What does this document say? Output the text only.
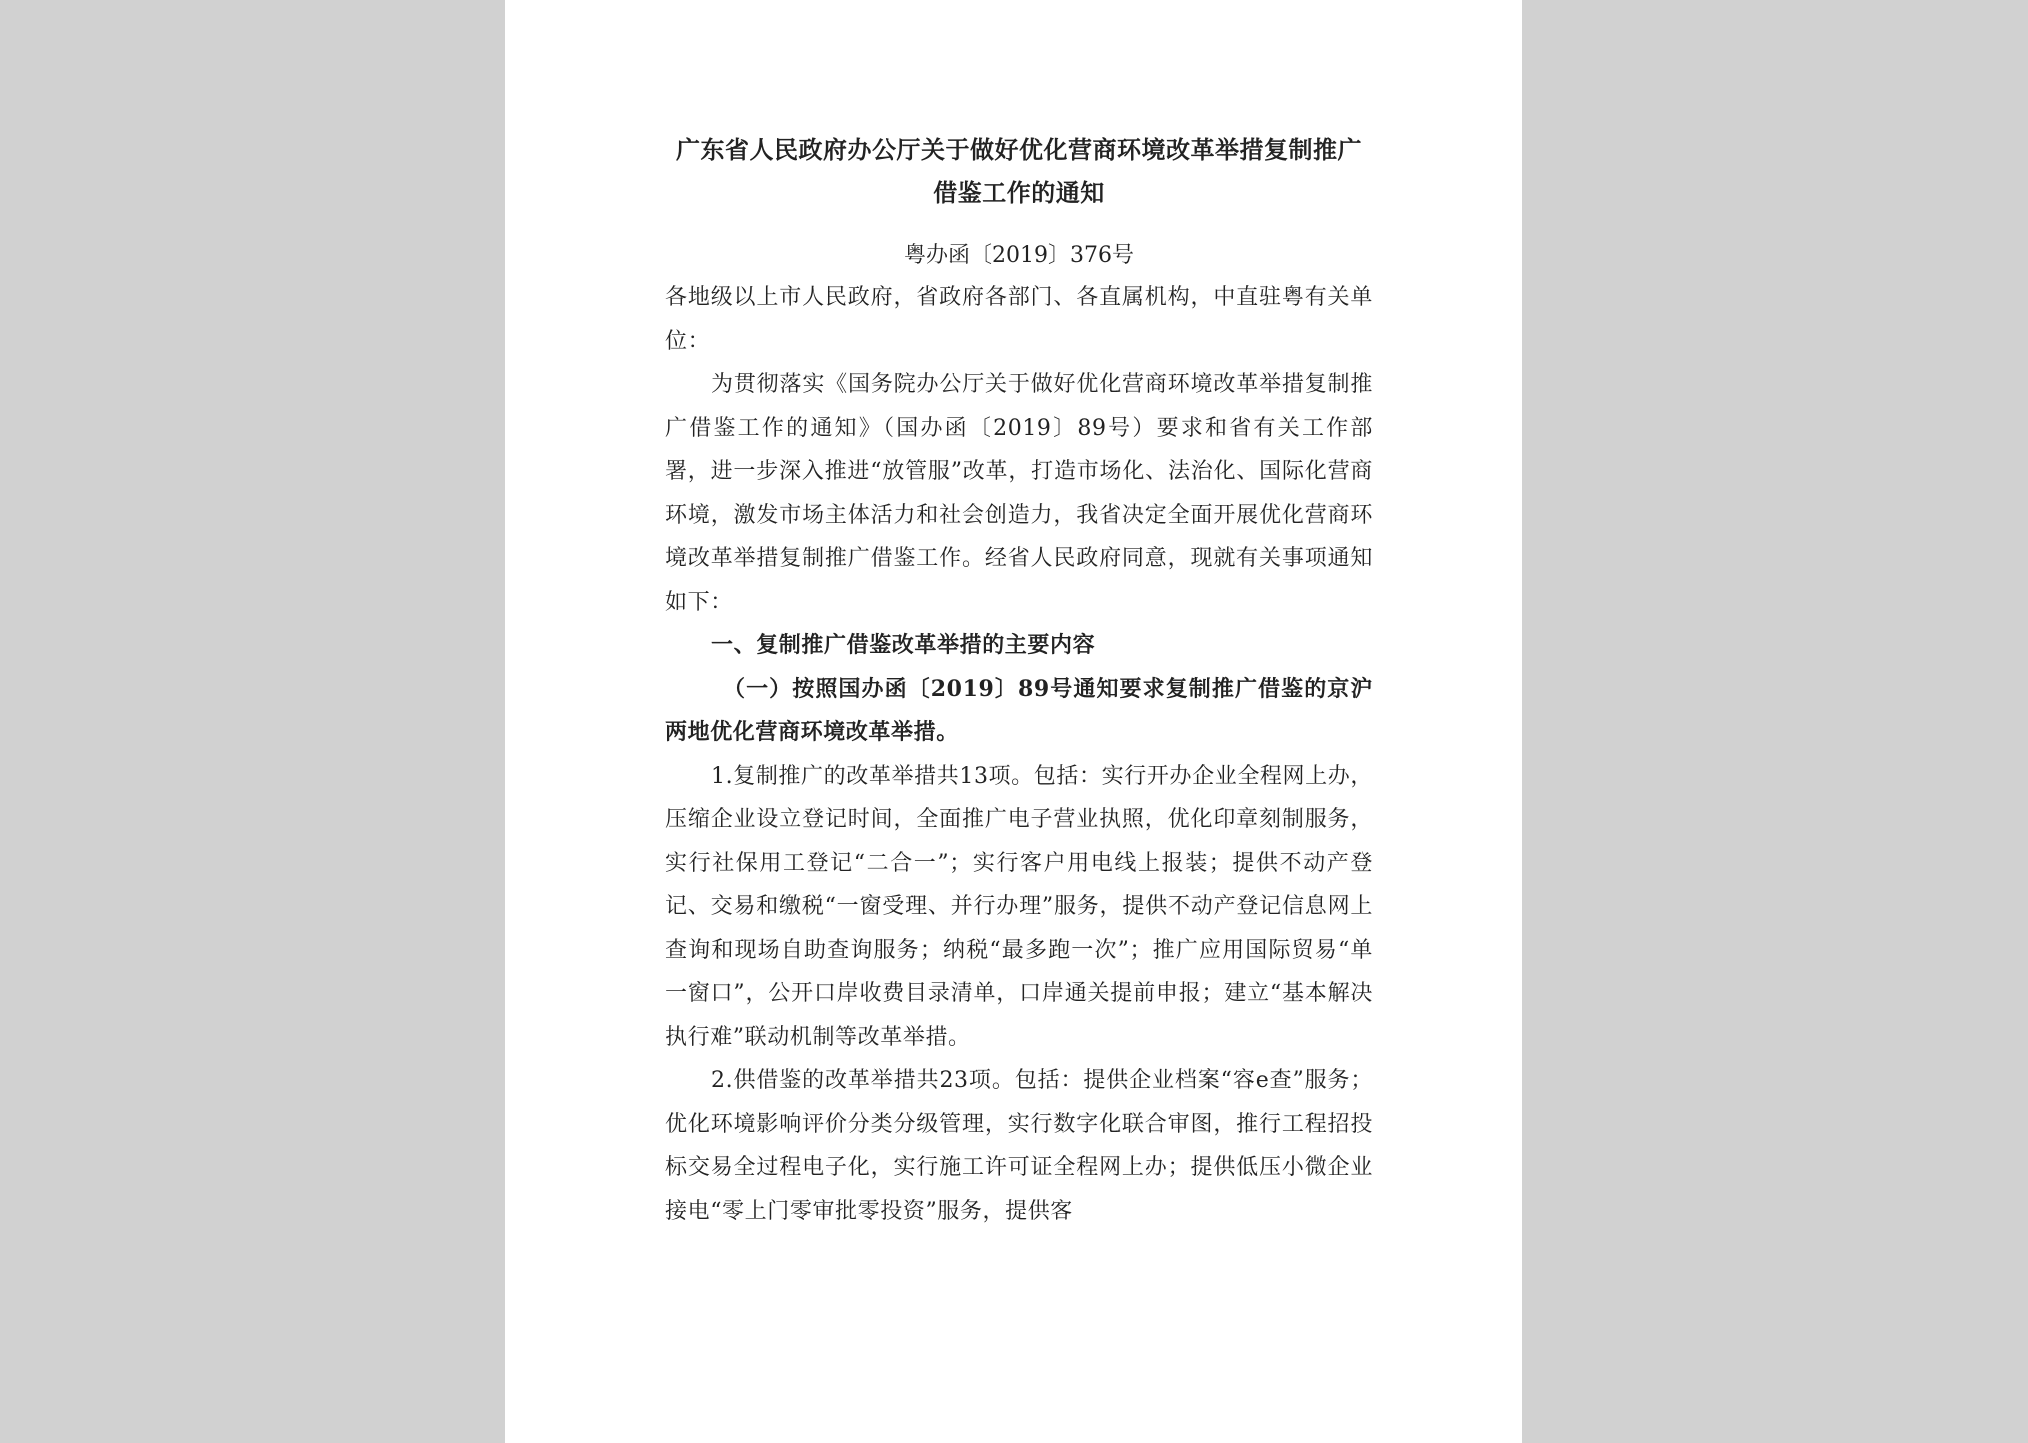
广东省人民政府办公厅关于做好优化营商环境改革举措复制推广借鉴工作的通知
粤办函〔2019〕376号

各地级以上市人民政府，省政府各部门、各直属机构，中直驻粤有关单位：

为贯彻落实《国务院办公厅关于做好优化营商环境改革举措复制推广借鉴工作的通知》（国办函〔2019〕89号）要求和省有关工作部署，进一步深入推进“放管服”改革，打造市场化、法治化、国际化营商环境，激发市场主体活力和社会创造力，我省决定全面开展优化营商环境改革举措复制推广借鉴工作。经省人民政府同意，现就有关事项通知如下：

一、复制推广借鉴改革举措的主要内容

（一）按照国办函〔2019〕89号通知要求复制推广借鉴的京沪两地优化营商环境改革举措。

1.复制推广的改革举措共13项。包括：实行开办企业全程网上办，压缩企业设立登记时间，全面推广电子营业执照，优化印章刻制服务，实行社保用工登记“二合一”；实行客户用电线上报装；提供不动产登记、交易和缴税“一窗受理、并行办理”服务，提供不动产登记信息网上查询和现场自助查询服务；纳税“最多跑一次”；推广应用国际贸易“单一窗口”，公开口岸收费目录清单，口岸通关提前申报；建立“基本解决执行难”联动机制等改革举措。

2.供借鉴的改革举措共23项。包括：提供企业档案“容e查”服务；优化环境影响评价分类分级管理，实行数字化联合审图，推行工程招投标交易全过程电子化，实行施工许可证全程网上办；提供低压小微企业接电“零上门零审批零投资”服务，提供客
